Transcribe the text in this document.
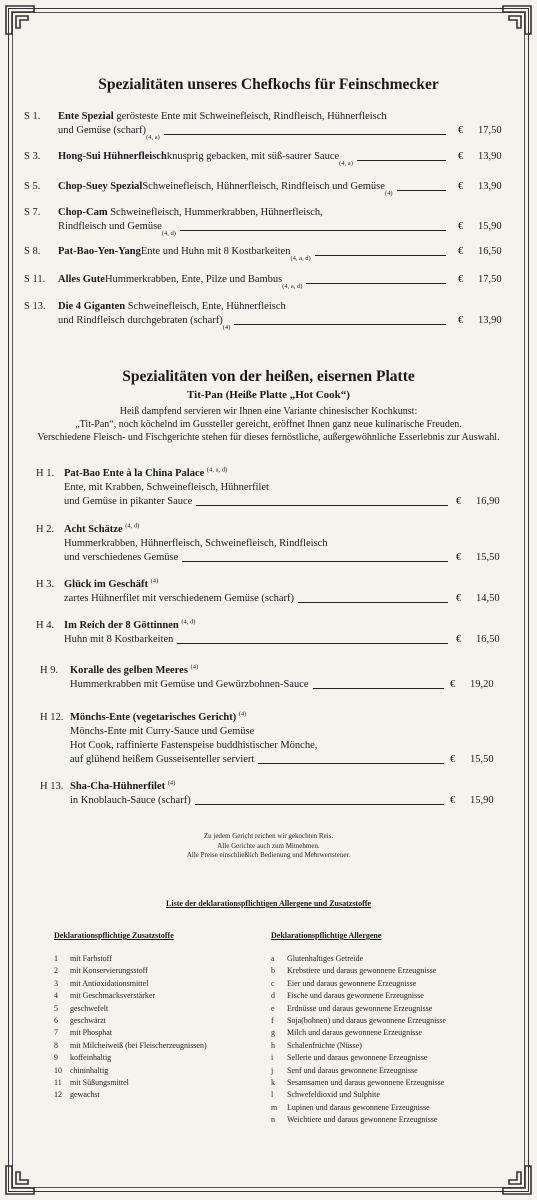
Spezialitäten unseres Chefkochs für Feinschmecker
S 1. Ente Spezial gerösteste Ente mit Schweinefleisch, Rindfleisch, Hühnerfleisch
und Gemüse (scharf)
(4, a)
€ 17,50
S 3. Hong-Sui Hühnerfleisch knusprig gebacken, mit süß-saurer Sauce
(4, a)
€ 13,90
S 5. Chop-Suey Spezial Schweinefleisch, Hühnerfleisch, Rindfleisch und Gemüse
(4)
€ 13,90
S 7. Chop-Cam Schweinefleisch, Hummerkrabben, Hühnerfleisch,
Rindfleisch und Gemüse
(4, d)
€ 15,90
S 8. Pat-Bao-Yen-Yang Ente und Huhn mit 8 Kostbarkeiten
(4, a, d)
€ 16,50
S 11. Alles Gute Hummerkrabben, Ente, Pilze und Bambus
(4, a, d)
€ 17,50
S 13. Die 4 Giganten Schweinefleisch, Ente, Hühnerfleisch
und Rindfleisch durchgebraten (scharf)
(4)
€ 13,90
Spezialitäten von der heißen, eisernen Platte
Tit-Pan (Heiße Platte „Hot Cook“)
Heiß dampfend servieren wir Ihnen eine Variante chinesischer Kochkunst:
„Tit-Pan“, noch köchelnd im Gussteller gereicht, eröffnet Ihnen ganz neue kulinarische Freuden.
Verschiedene Fleisch- und Fischgerichte stehen für dieses fernöstliche, außergewöhnliche Esserlebnis zur Auswahl.
H 1. Pat-Bao Ente à la China Palace $^{(4, a, d)}$
Ente, mit Krabben, Schweinefleisch, Hühnerfilet
und Gemüse in pikanter Sauce	€ 16,90
H 2. Acht Schätze $^{(4, d)}$
Hummerkrabben, Hühnerfleisch, Schweinefleisch, Rindfleisch
und verschiedenes Gemüse	€ 15,50
H 3. Glück im Geschäft $^{(4)}$
zartes Hühnerfilet mit verschiedenem Gemüse (scharf)	€ 14,50
H 4. Im Reich der 8 Göttinnen $^{(4, d)}$
Huhn mit 8 Kostbarkeiten	€ 16,50
H 9. Koralle des gelben Meeres $^{(4)}$
Hummerkrabben mit Gemüse und Gewürzbohnen-Sauce	€ 19,20
H 12. Mönchs-Ente (vegetarisches Gericht) $^{(4)}$
Mönchs-Ente mit Curry-Sauce und Gemüse
Hot Cook, raffinierte Fastenspeise buddhistischer Mönche,
auf glühend heißem Gusseisenteller serviert	€ 15,50
H 13. Sha-Cha-Hühnerfilet $^{(4)}$
in Knoblauch-Sauce (scharf)	€ 15,90
Zu jedem Gericht reichen wir gekochten Reis.
Alle Gerichte auch zum Mitnehmen.
Alle Preise einschließlich Bedienung und Mehrwertsteuer.
Liste der deklarationspflichtigen Allergene und Zusatzstoffe
Deklarationspflichtige Zusatzstoffe	Deklarationspflichtige Allergene
1	mit Farbstoff
2	mit Konservierungsstoff
3	mit Antioxidationsmittel
4	mit Geschmacksverstärker
5	geschwefelt
6	geschwärzt
7	mit Phosphat
8	mit Milcheiweiß (bei Fleischerzeugnissen)
9	koffeinhaltig
10	chininhaltig
11	mit Süßungsmittel
12	gewachst
a	Glutenhaltiges Getreide
b	Krebstiere und daraus gewonnene Erzeugnisse
c	Eier und daraus gewonnene Erzeugnisse
d	Fische und daraus gewonnene Erzeugnisse
e	Erdnüsse und daraus gewonnene Erzeugnisse
f	Soja(bohnen) und daraus gewonnene Erzeugnisse
g	Milch und daraus gewonnene Erzeugnisse
h	Schalenfrüchte (Nüsse)
i	Sellerie und daraus gewonnene Erzeugnisse
j	Senf und daraus gewonnene Erzeugnisse
k	Sesamsamen und daraus gewonnene Erzeugnisse
l	Schwefeldioxid und Sulphite
m	Lupinen und daraus gewonnene Erzeugnisse
n	Weichtiere und daraus gewonnene Erzeugnisse
